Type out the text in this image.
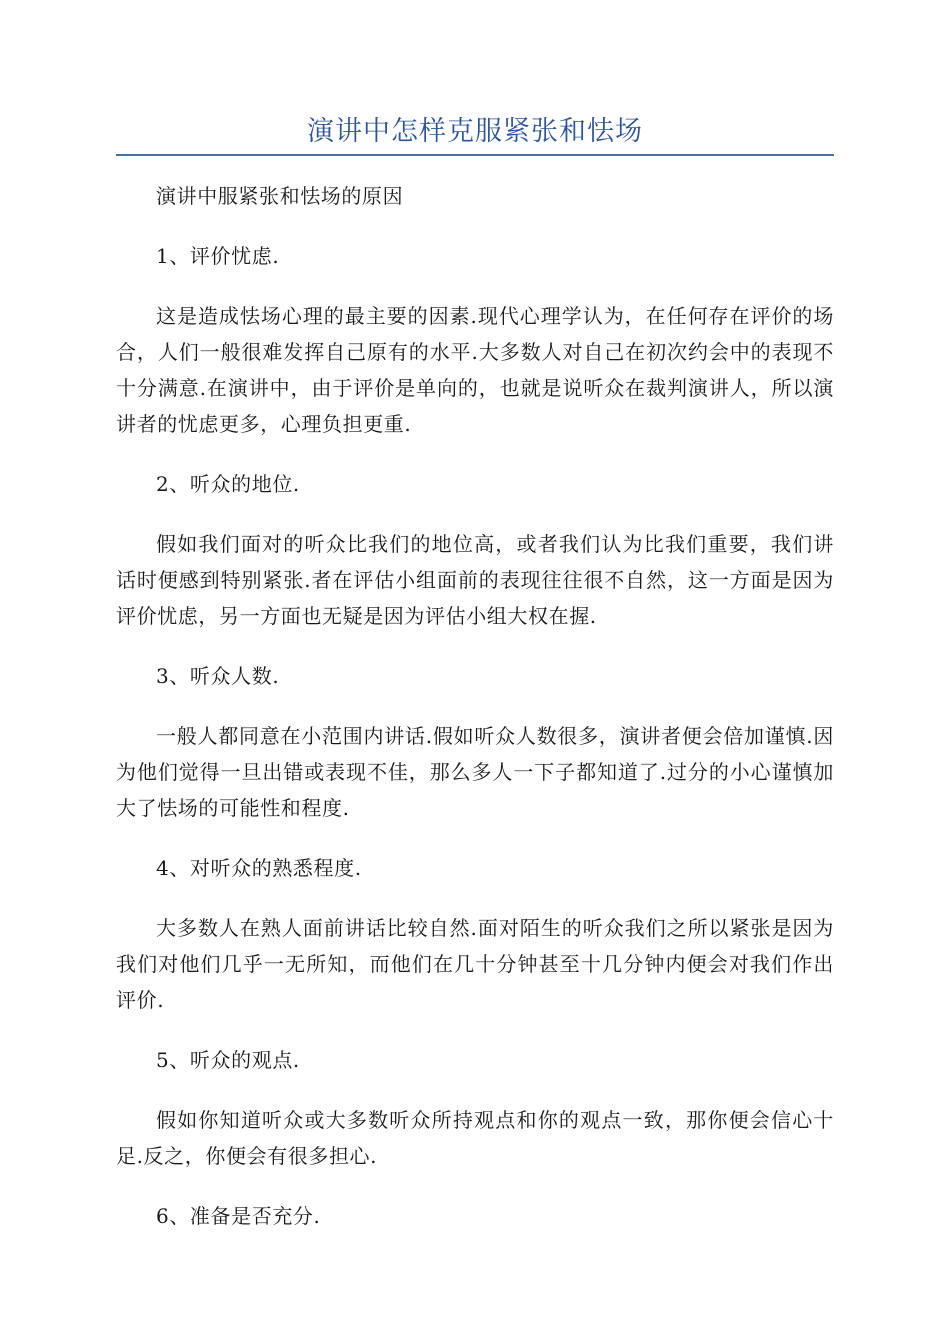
演讲中怎样克服紧张和怯场

演讲中服紧张和怯场的原因

1、评价忧虑.

这是造成怯场心理的最主要的因素.现代心理学认为，在任何存在评价的场合，人们一般很难发挥自己原有的水平.大多数人对自己在初次约会中的表现不十分满意.在演讲中，由于评价是单向的，也就是说听众在裁判演讲人，所以演讲者的忧虑更多，心理负担更重.

2、听众的地位.

假如我们面对的听众比我们的地位高，或者我们认为比我们重要，我们讲话时便感到特别紧张.者在评估小组面前的表现往往很不自然，这一方面是因为评价忧虑，另一方面也无疑是因为评估小组大权在握.

3、听众人数.

一般人都同意在小范围内讲话.假如听众人数很多，演讲者便会倍加谨慎.因为他们觉得一旦出错或表现不佳，那么多人一下子都知道了.过分的小心谨慎加大了怯场的可能性和程度.

4、对听众的熟悉程度.

大多数人在熟人面前讲话比较自然.面对陌生的听众我们之所以紧张是因为我们对他们几乎一无所知，而他们在几十分钟甚至十几分钟内便会对我们作出评价.

5、听众的观点.

假如你知道听众或大多数听众所持观点和你的观点一致，那你便会信心十足.反之，你便会有很多担心.

6、准备是否充分.
